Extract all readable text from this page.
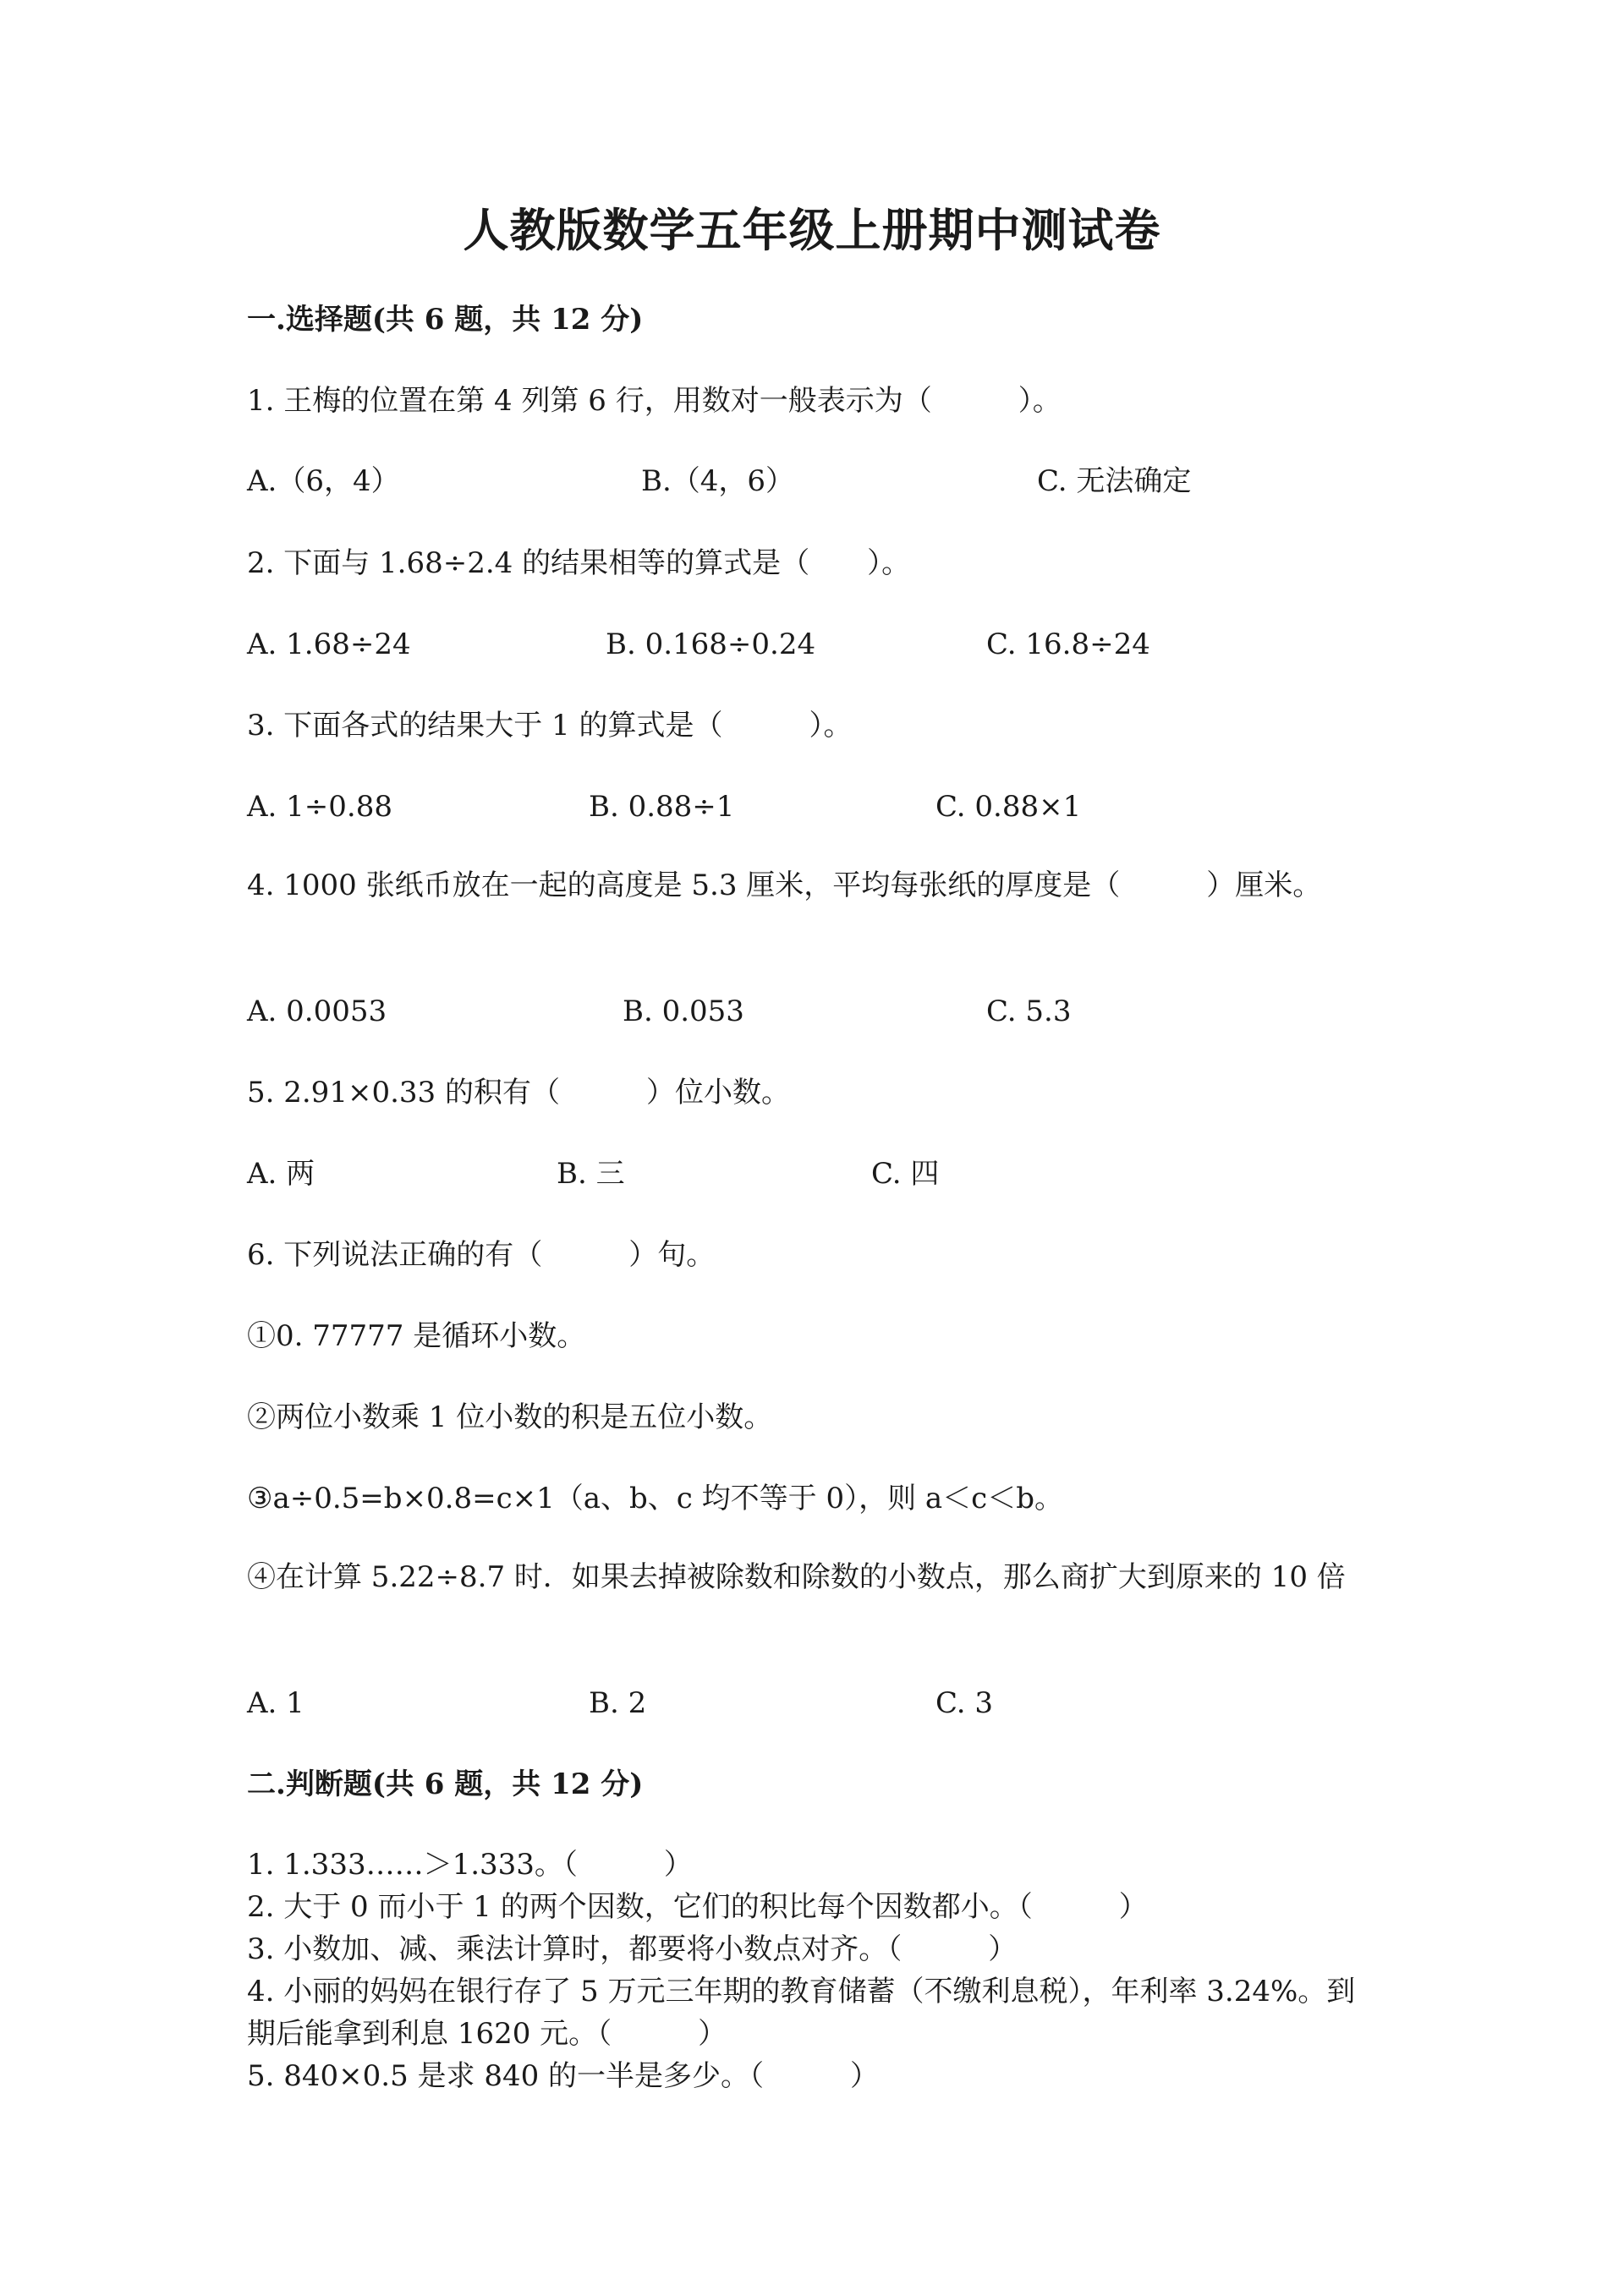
人教版数学五年级上册期中测试卷
一.选择题(共 6 题，共 12 分)
1. 王梅的位置在第 4 列第 6 行，用数对一般表示为（　　　）。
A.（6，4）	B.（4，6）	C. 无法确定
2. 下面与 1.68÷2.4 的结果相等的算式是（　　）。
A. 1.68÷24	B. 0.168÷0.24	C. 16.8÷24
3. 下面各式的结果大于 1 的算式是（　　　）。
A. 1÷0.88	B. 0.88÷1	C. 0.88×1
4. 1000 张纸币放在一起的高度是 5.3 厘米，平均每张纸的厚度是（　　　）厘米。
A. 0.0053	B. 0.053	C. 5.3
5. 2.91×0.33 的积有（　　　）位小数。
A. 两	B. 三	C. 四
6. 下列说法正确的有（　　　）句。
①0. 77777 是循环小数。
②两位小数乘 1 位小数的积是五位小数。
③a÷0.5=b×0.8=c×1（a、b、c 均不等于 0），则 a＜c＜b。
④在计算 5.22÷8.7 时．如果去掉被除数和除数的小数点，那么商扩大到原来的 10 倍
A. 1	B. 2	C. 3
二.判断题(共 6 题，共 12 分)
1. 1.333……＞1.333。（　　　）
2. 大于 0 而小于 1 的两个因数，它们的积比每个因数都小。（　　　）
3. 小数加、减、乘法计算时，都要将小数点对齐。（　　　）
4. 小丽的妈妈在银行存了 5 万元三年期的教育储蓄（不缴利息税），年利率 3.24%。到期后能拿到利息 1620 元。（　　　）
5. 840×0.5 是求 840 的一半是多少。（　　　）
